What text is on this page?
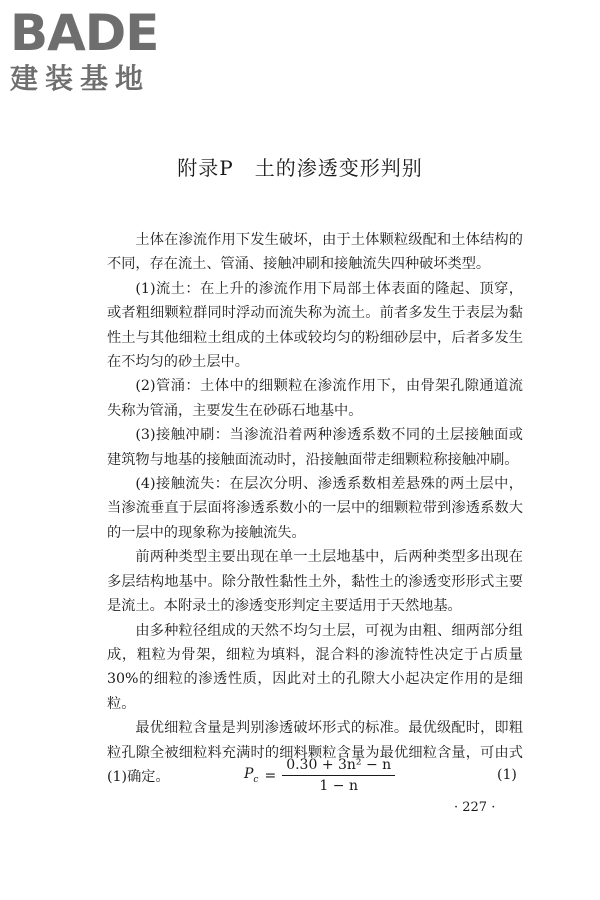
BADE
建装基地
附录P　土的渗透变形判别

土体在渗流作用下发生破坏，由于土体颗粒级配和土体结构的不同，存在流土、管涌、接触冲刷和接触流失四种破坏类型。

(1)流土：在上升的渗流作用下局部土体表面的隆起、顶穿，或者粗细颗粒群同时浮动而流失称为流土。前者多发生于表层为黏性土与其他细粒土组成的土体或较均匀的粉细砂层中，后者多发生在不均匀的砂土层中。

(2)管涌：土体中的细颗粒在渗流作用下，由骨架孔隙通道流失称为管涌，主要发生在砂砾石地基中。

(3)接触冲刷：当渗流沿着两种渗透系数不同的土层接触面或建筑物与地基的接触面流动时，沿接触面带走细颗粒称接触冲刷。

(4)接触流失：在层次分明、渗透系数相差悬殊的两土层中，当渗流垂直于层面将渗透系数小的一层中的细颗粒带到渗透系数大的一层中的现象称为接触流失。

前两种类型主要出现在单一土层地基中，后两种类型多出现在多层结构地基中。除分散性黏性土外，黏性土的渗透变形形式主要是流土。本附录土的渗透变形判定主要适用于天然地基。

由多种粒径组成的天然不均匀土层，可视为由粗、细两部分组成，粗粒为骨架，细粒为填料，混合料的渗流特性决定于占质量30%的细粒的渗透性质，因此对土的孔隙大小起决定作用的是细粒。

最优细粒含量是判别渗透破坏形式的标准。最优级配时，即粗粒孔隙全被细粒料充满时的细料颗粒含量为最优细粒含量，可由式(1)确定。	$P_c = \frac{\text{0.30 + 3n² − n}}{1 - n}$	(1)
· 227 ·
